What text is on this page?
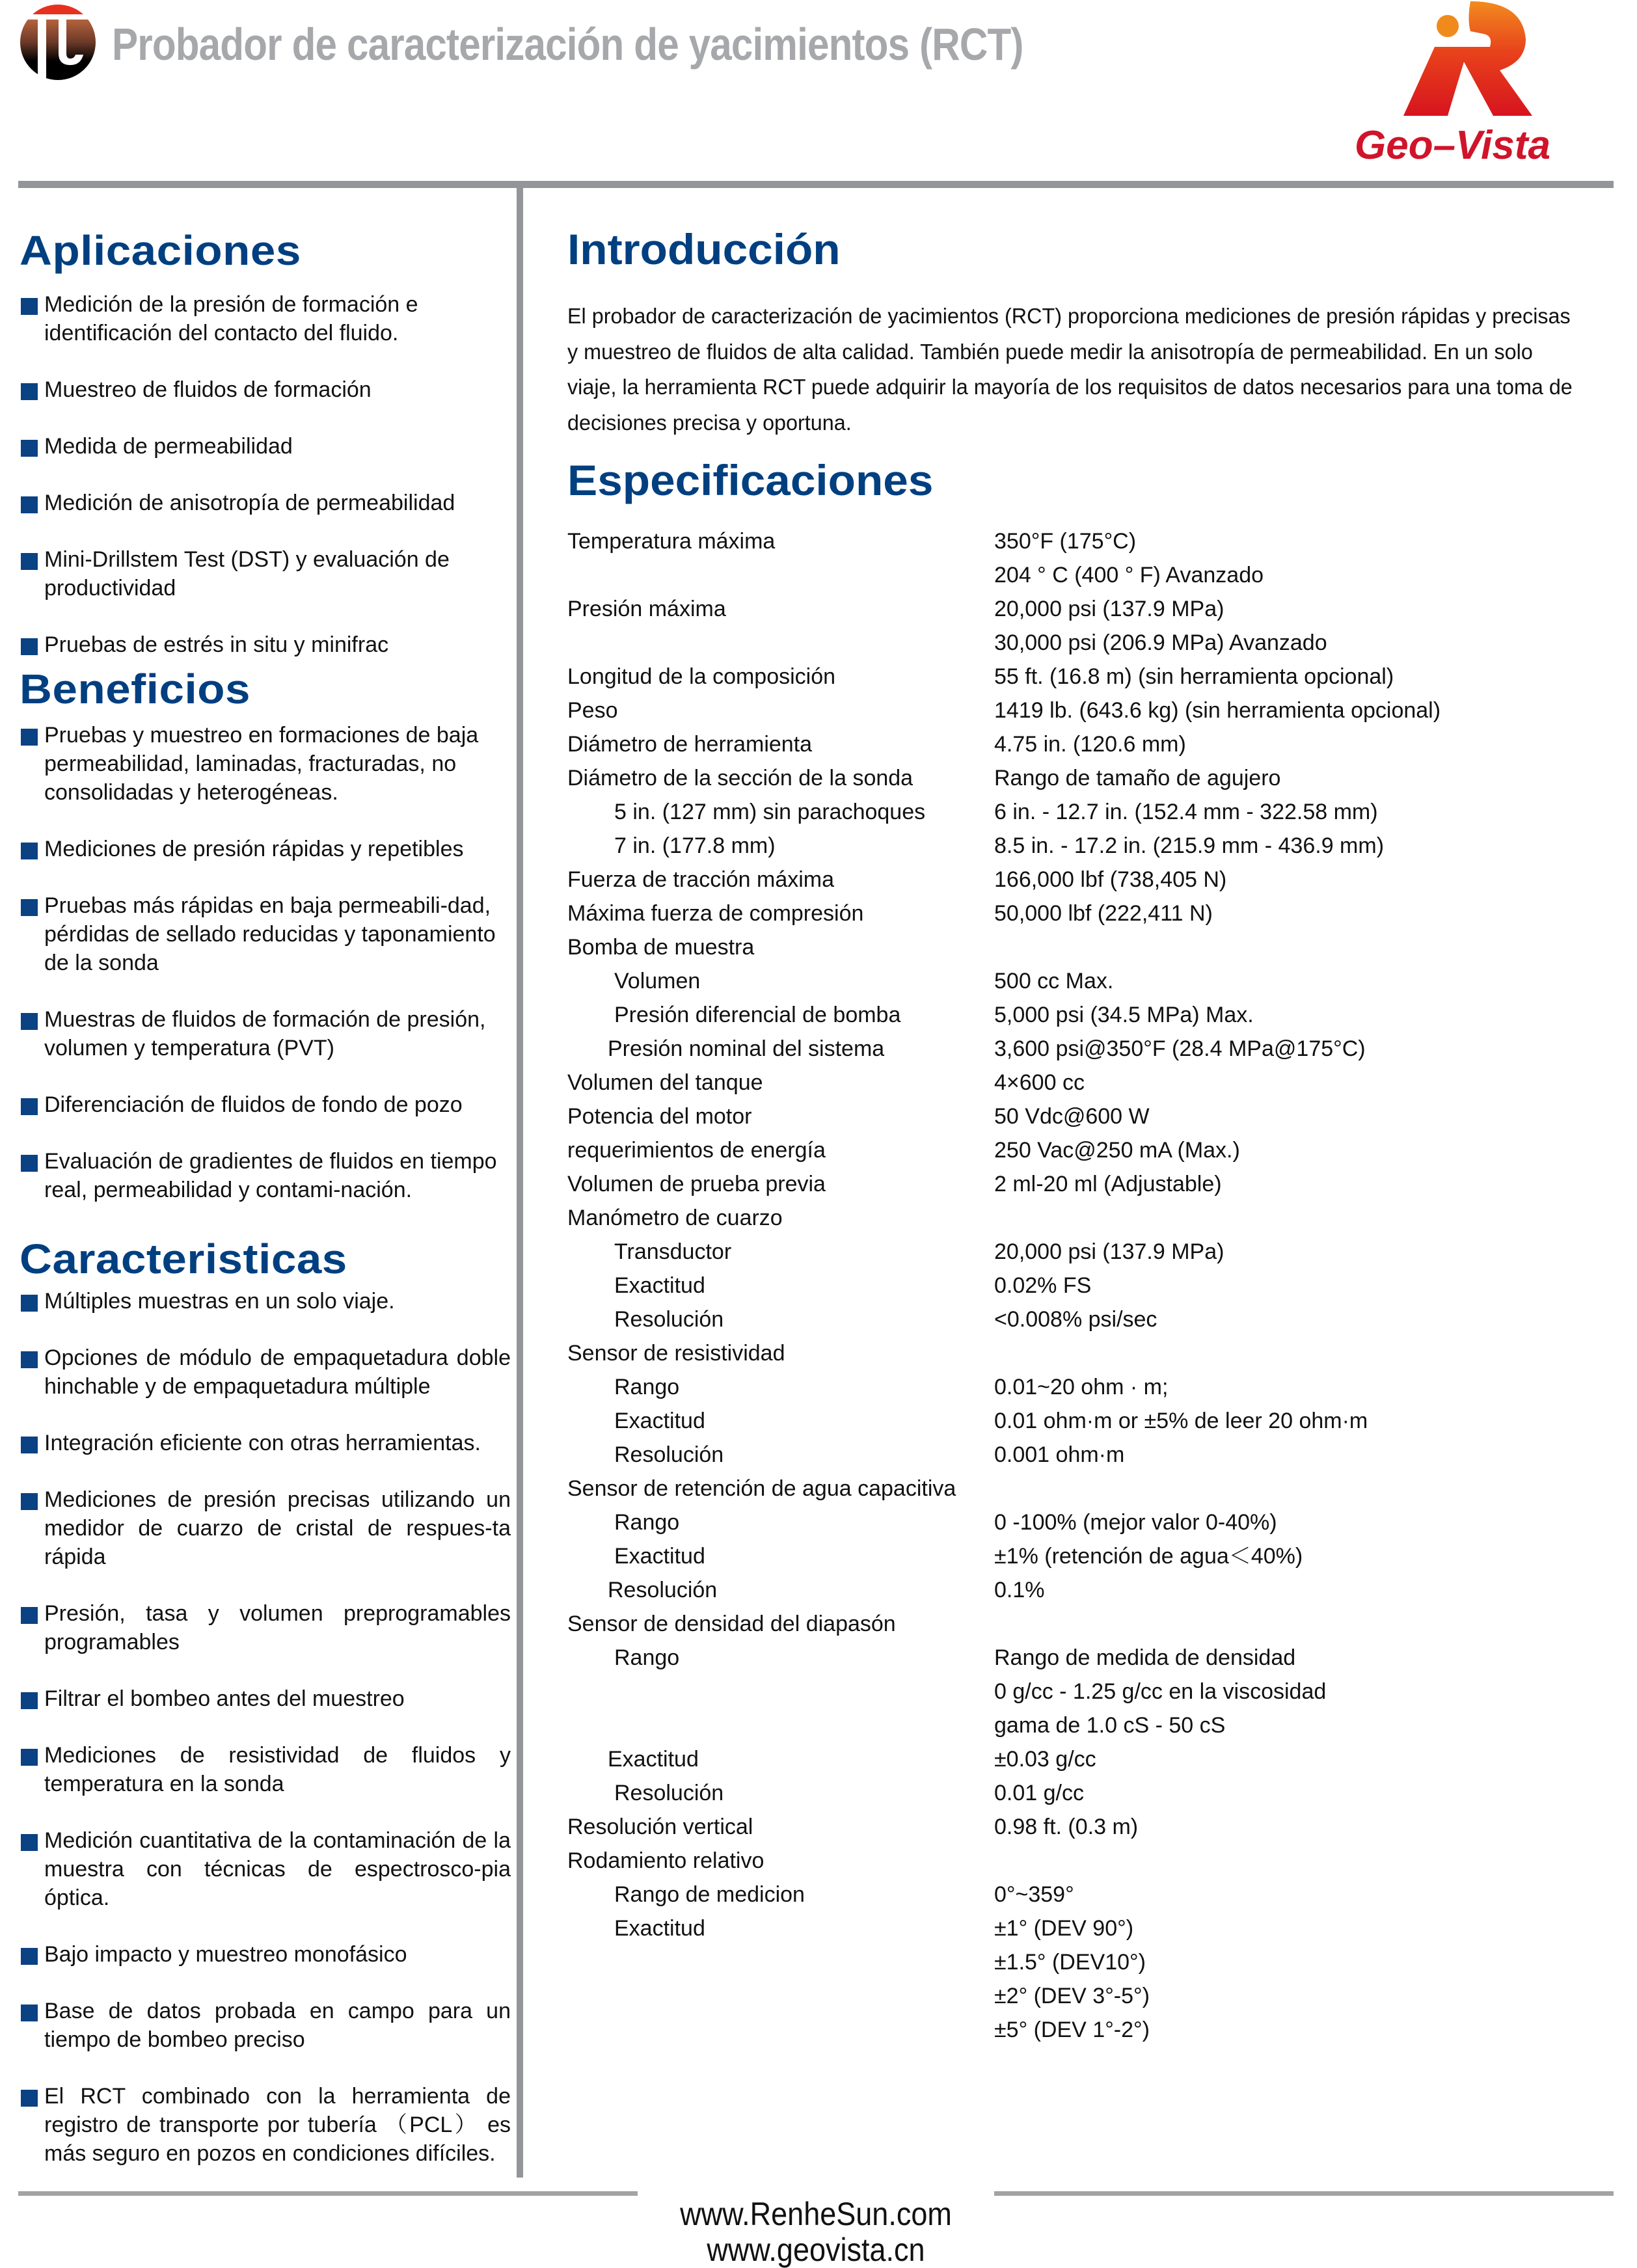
Probador de caracterización de yacimientos (RCT)
Geo–Vista
Aplicaciones
Medición de la presión de formación e identificación del contacto del fluido.
Muestreo de fluidos de formación
Medida de permeabilidad
Medición de anisotropía de permeabilidad
Mini-Drillstem Test (DST) y evaluación de productividad
Pruebas de estrés in situ y minifrac
Beneficios
Pruebas y muestreo en formaciones de baja permeabilidad, laminadas, fracturadas, no consolidadas y heterogéneas.
Mediciones de presión rápidas y repetibles
Pruebas más rápidas en baja permeabili-dad, pérdidas de sellado reducidas y taponamiento de la sonda
Muestras de fluidos de formación de presión, volumen y temperatura (PVT)
Diferenciación de fluidos de fondo de pozo
Evaluación de gradientes de fluidos en tiempo real, permeabilidad y contami-nación.
Caracteristicas
Múltiples muestras en un solo viaje.
Opciones de módulo de empaquetadura doble hinchable y de empaquetadura múltiple
Integración eficiente con otras herramientas.
Mediciones de presión precisas utilizando un medidor de cuarzo de cristal de respues-ta rápida
Presión, tasa y volumen preprogramables programables
Filtrar el bombeo antes del muestreo
Mediciones de resistividad de fluidos y temperatura en la sonda
Medición cuantitativa de la contaminación de la muestra con técnicas de espectrosco-pia óptica.
Bajo impacto y muestreo monofásico
Base de datos probada en campo para un tiempo de bombeo preciso
El RCT combinado con la herramienta de registro de transporte por tubería （PCL） es más seguro en pozos en condiciones difíciles.
Introducción
El probador de caracterización de yacimientos (RCT) proporciona mediciones de presión rápidas y precisas y muestreo de fluidos de alta calidad. También puede medir la anisotropía de permeabilidad. En un solo viaje, la herramienta RCT puede adquirir la mayoría de los requisitos de datos necesarios para una toma de decisiones precisa y oportuna.
Especificaciones
Temperatura máxima	350°F (175°C)
204 ° C (400 ° F) Avanzado
Presión máxima	20,000 psi (137.9 MPa)
30,000 psi (206.9 MPa) Avanzado
Longitud de la composición	55 ft. (16.8 m) (sin herramienta opcional)
Peso	1419 lb. (643.6 kg) (sin herramienta opcional)
Diámetro de herramienta	4.75 in. (120.6 mm)
Diámetro de la sección de la sonda	Rango de tamaño de agujero
5 in. (127 mm) sin parachoques	6 in. - 12.7 in. (152.4 mm - 322.58 mm)
7 in. (177.8 mm)	8.5 in. - 17.2 in. (215.9 mm - 436.9 mm)
Fuerza de tracción máxima	166,000 lbf (738,405 N)
Máxima fuerza de compresión	50,000 lbf (222,411 N)
Bomba de muestra
Volumen	500 cc Max.
Presión diferencial de bomba	5,000 psi (34.5 MPa) Max.
Presión nominal del sistema	3,600 psi@350°F (28.4 MPa@175°C)
Volumen del tanque	4×600 cc
Potencia del motor	50 Vdc@600 W
requerimientos de energía	250 Vac@250 mA (Max.)
Volumen de prueba previa	2 ml-20 ml (Adjustable)
Manómetro de cuarzo
Transductor	20,000 psi (137.9 MPa)
Exactitud	0.02% FS
Resolución	<0.008% psi/sec
Sensor de resistividad
Rango	0.01~20 ohm · m;
Exactitud	0.01 ohm·m or ±5% de leer 20 ohm·m
Resolución	0.001 ohm·m
Sensor de retención de agua capacitiva
Rango	0 -100% (mejor valor 0-40%)
Exactitud	±1% (retención de agua＜40%)
Resolución	0.1%
Sensor de densidad del diapasón
Rango	Rango de medida de densidad
0 g/cc - 1.25 g/cc en la viscosidad
gama de 1.0 cS - 50 cS
Exactitud	±0.03 g/cc
Resolución	0.01 g/cc
Resolución vertical	0.98 ft. (0.3 m)
Rodamiento relativo
Rango de medicion	0°~359°
Exactitud	±1° (DEV 90°)
±1.5° (DEV10°)
±2° (DEV 3°-5°)
±5° (DEV 1°-2°)
www.RenheSun.com
www.geovista.cn
